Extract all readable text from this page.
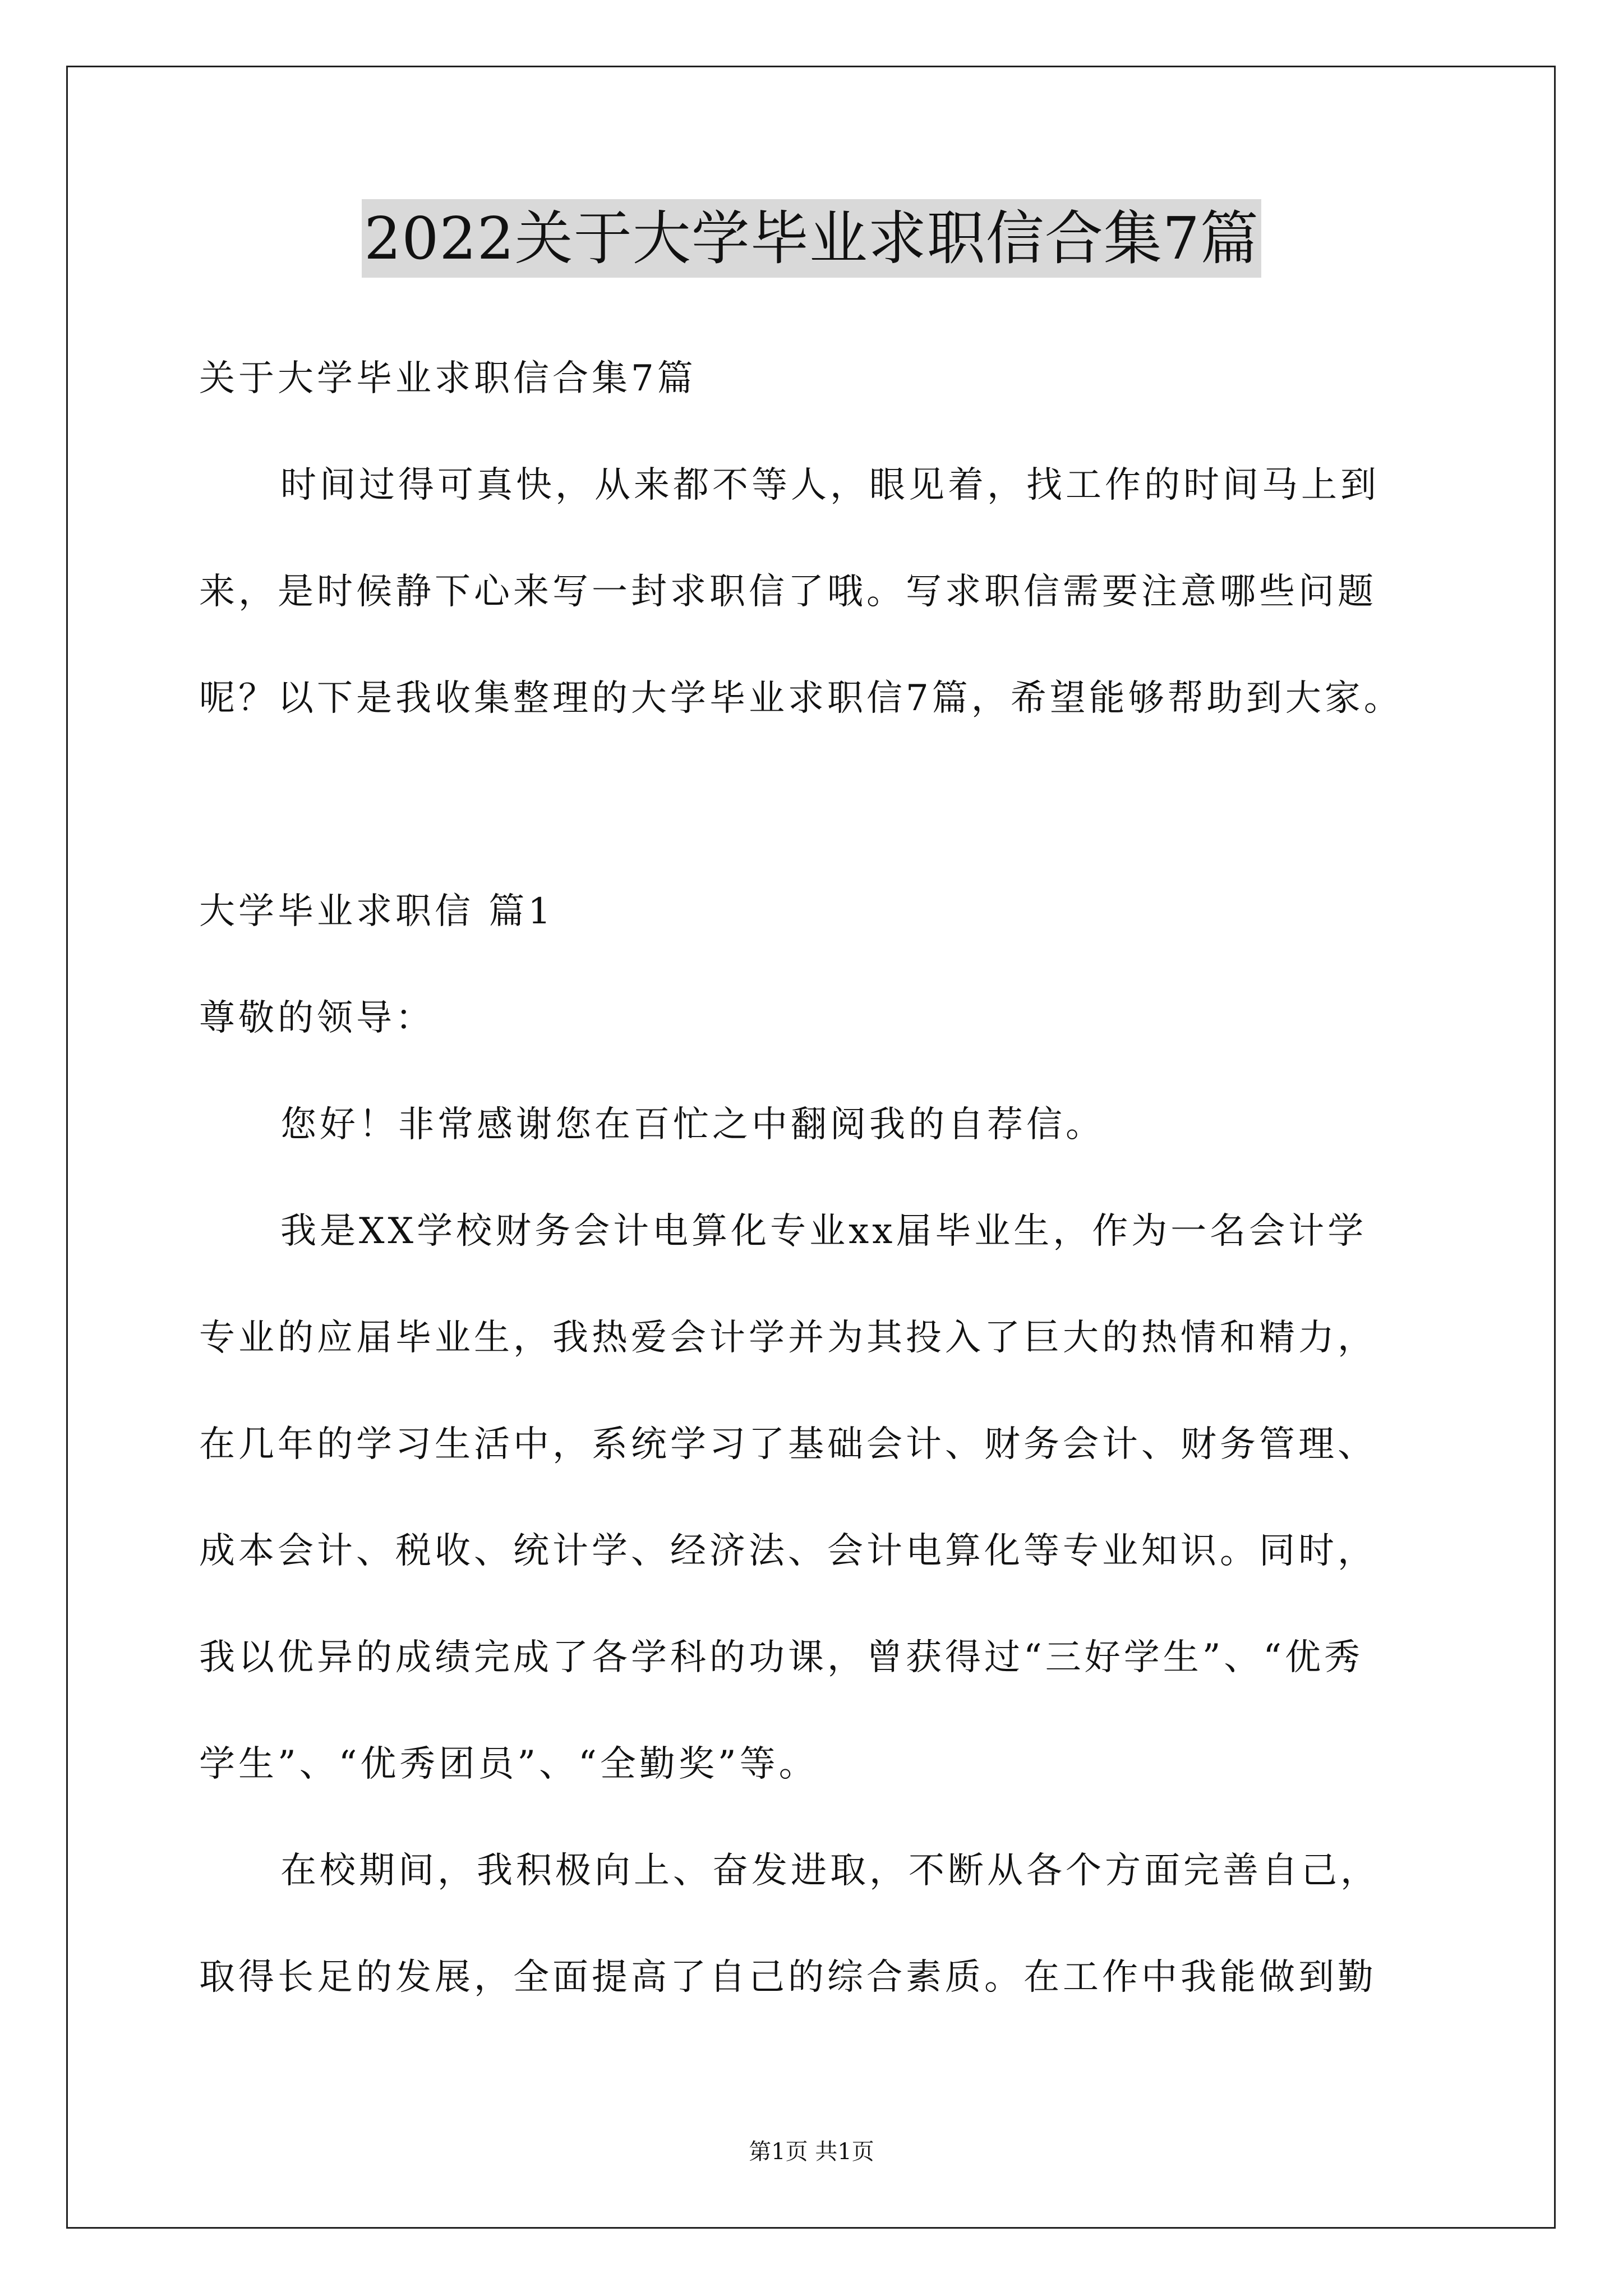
2022关于大学毕业求职信合集7篇
关于大学毕业求职信合集7篇
时间过得可真快，从来都不等人，眼见着，找工作的时间马上到
来，是时候静下心来写一封求职信了哦。写求职信需要注意哪些问题
呢？以下是我收集整理的大学毕业求职信7篇，希望能够帮助到大家。
大学毕业求职信 篇1
尊敬的领导：
您好！非常感谢您在百忙之中翻阅我的自荐信。
我是XX学校财务会计电算化专业xx届毕业生，作为一名会计学
专业的应届毕业生，我热爱会计学并为其投入了巨大的热情和精力，
在几年的学习生活中，系统学习了基础会计、财务会计、财务管理、
成本会计、税收、统计学、经济法、会计电算化等专业知识。同时，
我以优异的成绩完成了各学科的功课，曾获得过“三好学生”、“优秀
学生”、“优秀团员”、“全勤奖”等。
在校期间，我积极向上、奋发进取，不断从各个方面完善自己，
取得长足的发展，全面提高了自己的综合素质。在工作中我能做到勤
第1页 共1页
